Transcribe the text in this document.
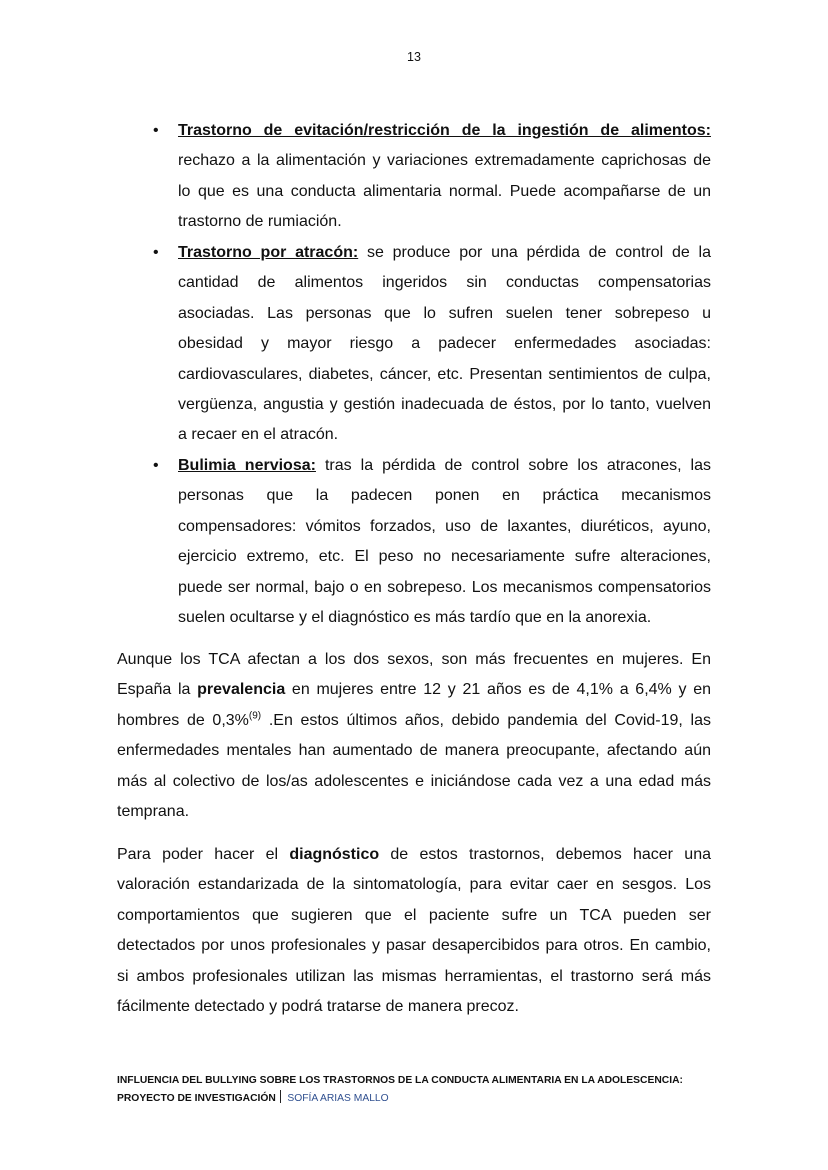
13
• Trastorno de evitación/restricción de la ingestión de alimentos:
rechazo a la alimentación y variaciones extremadamente caprichosas de
lo que es una conducta alimentaria normal. Puede acompañarse de un
trastorno de rumiación.
• Trastorno por atracón: se produce por una pérdida de control de la
cantidad de alimentos ingeridos sin conductas compensatorias
asociadas. Las personas que lo sufren suelen tener sobrepeso u
obesidad y mayor riesgo a padecer enfermedades asociadas:
cardiovasculares, diabetes, cáncer, etc. Presentan sentimientos de culpa,
vergüenza, angustia y gestión inadecuada de éstos, por lo tanto, vuelven
a recaer en el atracón.
• Bulimia nerviosa: tras la pérdida de control sobre los atracones, las
personas que la padecen ponen en práctica mecanismos
compensadores: vómitos forzados, uso de laxantes, diuréticos, ayuno,
ejercicio extremo, etc. El peso no necesariamente sufre alteraciones,
puede ser normal, bajo o en sobrepeso. Los mecanismos compensatorios
suelen ocultarse y el diagnóstico es más tardío que en la anorexia.
Aunque los TCA afectan a los dos sexos, son más frecuentes en mujeres. En
España la prevalencia en mujeres entre 12 y 21 años es de 4,1% a 6,4% y en
hombres de 0,3%$^{(9)}$ .En estos últimos años, debido pandemia del Covid-19, las
enfermedades mentales han aumentado de manera preocupante, afectando aún
más al colectivo de los/as adolescentes e iniciándose cada vez a una edad más
temprana.
Para poder hacer el diagnóstico de estos trastornos, debemos hacer una
valoración estandarizada de la sintomatología, para evitar caer en sesgos. Los
comportamientos que sugieren que el paciente sufre un TCA pueden ser
detectados por unos profesionales y pasar desapercibidos para otros. En cambio,
si ambos profesionales utilizan las mismas herramientas, el trastorno será más
fácilmente detectado y podrá tratarse de manera precoz.
INFLUENCIA DEL BULLYING SOBRE LOS TRASTORNOS DE LA CONDUCTA ALIMENTARIA EN LA ADOLESCENCIA:
PROYECTO DE INVESTIGACIÓN SOFÍA ARIAS MALLO
